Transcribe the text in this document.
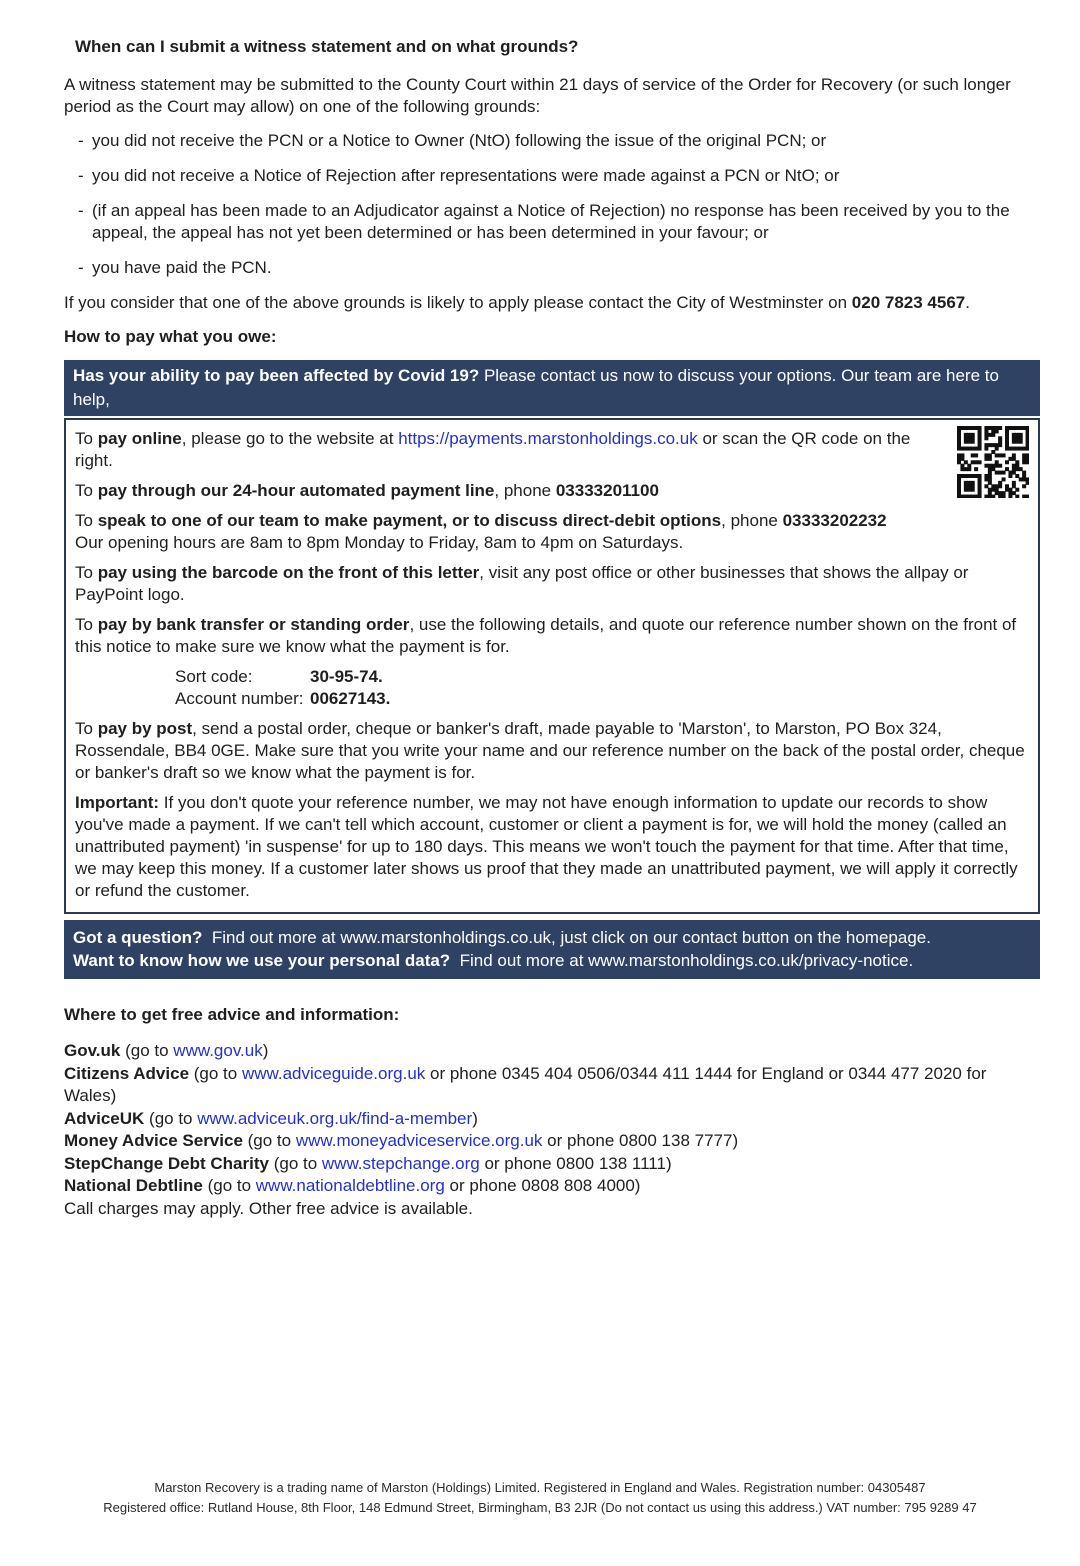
When can I submit a witness statement and on what grounds?

A witness statement may be submitted to the County Court within 21 days of service of the Order for Recovery (or such longer period as the Court may allow) on one of the following grounds:

- you did not receive the PCN or a Notice to Owner (NtO) following the issue of the original PCN; or
- you did not receive a Notice of Rejection after representations were made against a PCN or NtO; or
- (if an appeal has been made to an Adjudicator against a Notice of Rejection) no response has been received by you to the appeal, the appeal has not yet been determined or has been determined in your favour; or
- you have paid the PCN.

If you consider that one of the above grounds is likely to apply please contact the City of Westminster on 020 7823 4567.

How to pay what you owe:
Has your ability to pay been affected by Covid 19? Please contact us now to discuss your options. Our team are here to help,

To pay online, please go to the website at https://payments.marstonholdings.co.uk or scan the QR code on the right.

To pay through our 24-hour automated payment line, phone 03333201100

To speak to one of our team to make payment, or to discuss direct-debit options, phone 03333202232
Our opening hours are 8am to 8pm Monday to Friday, 8am to 4pm on Saturdays.

To pay using the barcode on the front of this letter, visit any post office or other businesses that shows the allpay or PayPoint logo.

To pay by bank transfer or standing order, use the following details, and quote our reference number shown on the front of this notice to make sure we know what the payment is for.

Sort code:	30-95-74.
Account number: 00627143.

To pay by post, send a postal order, cheque or banker's draft, made payable to 'Marston', to Marston, PO Box 324, Rossendale, BB4 0GE. Make sure that you write your name and our reference number on the back of the postal order, cheque or banker's draft so we know what the payment is for.

Important: If you don't quote your reference number, we may not have enough information to update our records to show you've made a payment. If we can't tell which account, customer or client a payment is for, we will hold the money (called an unattributed payment) 'in suspense' for up to 180 days. This means we won't touch the payment for that time. After that time, we may keep this money. If a customer later shows us proof that they made an unattributed payment, we will apply it correctly or refund the customer.

Got a question?  Find out more at www.marstonholdings.co.uk, just click on our contact button on the homepage.
Want to know how we use your personal data?  Find out more at www.marstonholdings.co.uk/privacy-notice.
Where to get free advice and information:
Gov.uk (go to www.gov.uk)
Citizens Advice (go to www.adviceguide.org.uk or phone 0345 404 0506/0344 411 1444 for England or 0344 477 2020 for Wales)
AdviceUK (go to www.adviceuk.org.uk/find-a-member)
Money Advice Service (go to www.moneyadviceservice.org.uk or phone 0800 138 7777)
StepChange Debt Charity (go to www.stepchange.org or phone 0800 138 1111)
National Debtline (go to www.nationaldebtline.org or phone 0808 808 4000)
Call charges may apply. Other free advice is available.
Marston Recovery is a trading name of Marston (Holdings) Limited. Registered in England and Wales. Registration number: 04305487
Registered office: Rutland House, 8th Floor, 148 Edmund Street, Birmingham, B3 2JR (Do not contact us using this address.) VAT number: 795 9289 47
